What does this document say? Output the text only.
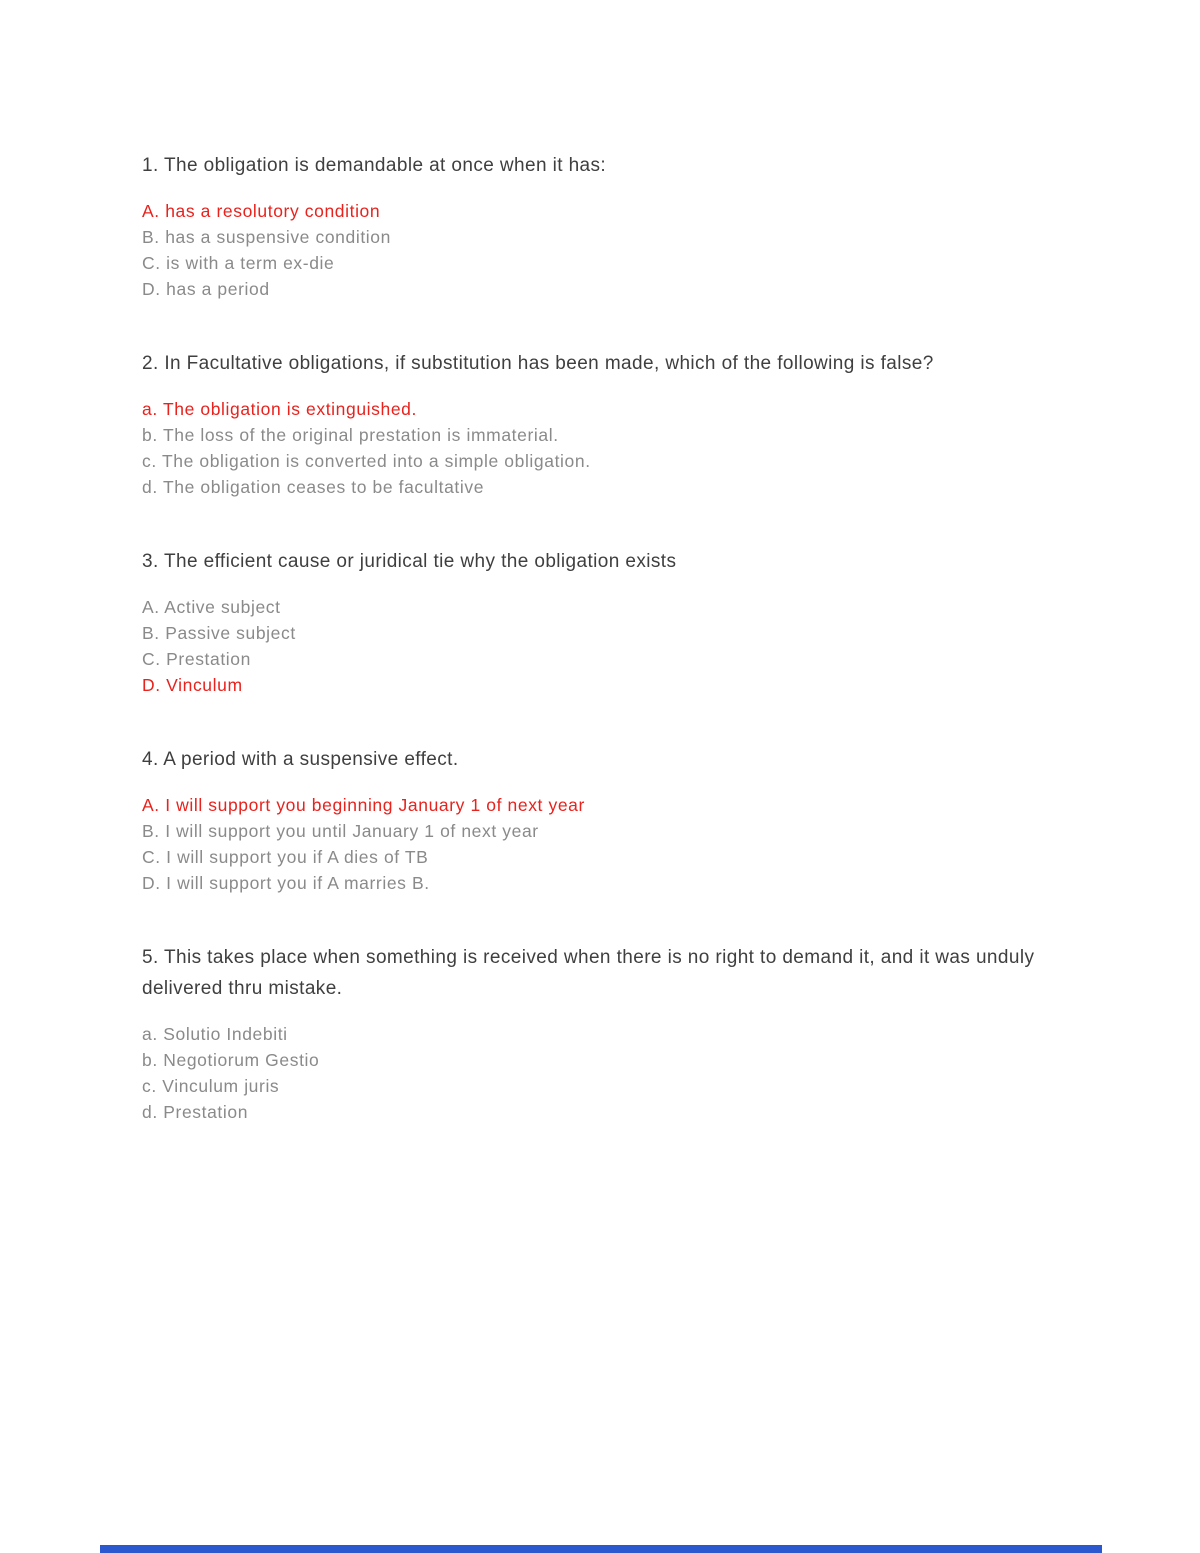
1. The obligation is demandable at once when it has:

A. has a resolutory condition
B. has a suspensive condition
C. is with a term ex-die
D. has a period

2. In Facultative obligations, if substitution has been made, which of the following is false?

a. The obligation is extinguished.
b. The loss of the original prestation is immaterial.
c. The obligation is converted into a simple obligation.
d. The obligation ceases to be facultative

3. The efficient cause or juridical tie why the obligation exists

A. Active subject
B. Passive subject
C. Prestation
D. Vinculum

4. A period with a suspensive effect.

A. I will support you beginning January 1 of next year
B. I will support you until January 1 of next year
C. I will support you if A dies of TB
D. I will support you if A marries B.

5. This takes place when something is received when there is no right to demand it, and it was unduly delivered thru mistake.

a. Solutio Indebiti
b. Negotiorum Gestio
c. Vinculum juris
d. Prestation
